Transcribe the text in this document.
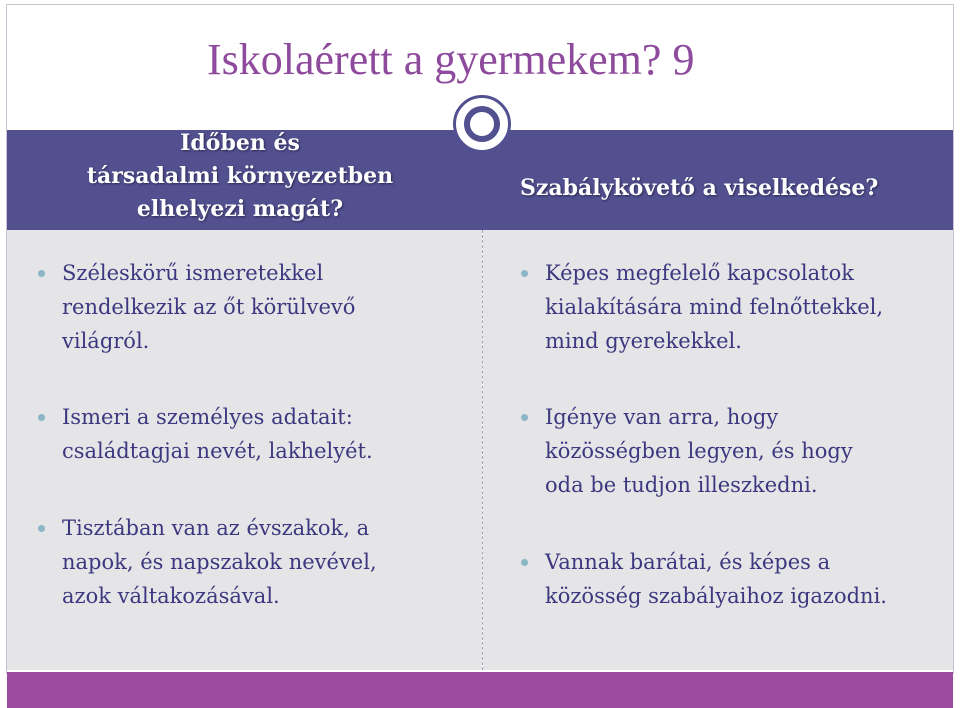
Iskolaérett a gyermekem? 9
Időben és
társadalmi környezetben
elhelyezi magát?
Szabálykövető a viselkedése?
Széleskörű ismeretekkel
rendelkezik az őt körülvevő
világról.
Ismeri a személyes adatait:
családtagjai nevét, lakhelyét.
Tisztában van az évszakok, a
napok, és napszakok nevével,
azok váltakozásával.
Képes megfelelő kapcsolatok
kialakítására mind felnőttekkel,
mind gyerekekkel.
Igénye van arra, hogy
közösségben legyen, és hogy
oda be tudjon illeszkedni.
Vannak barátai, és képes a
közösség szabályaihoz igazodni.
